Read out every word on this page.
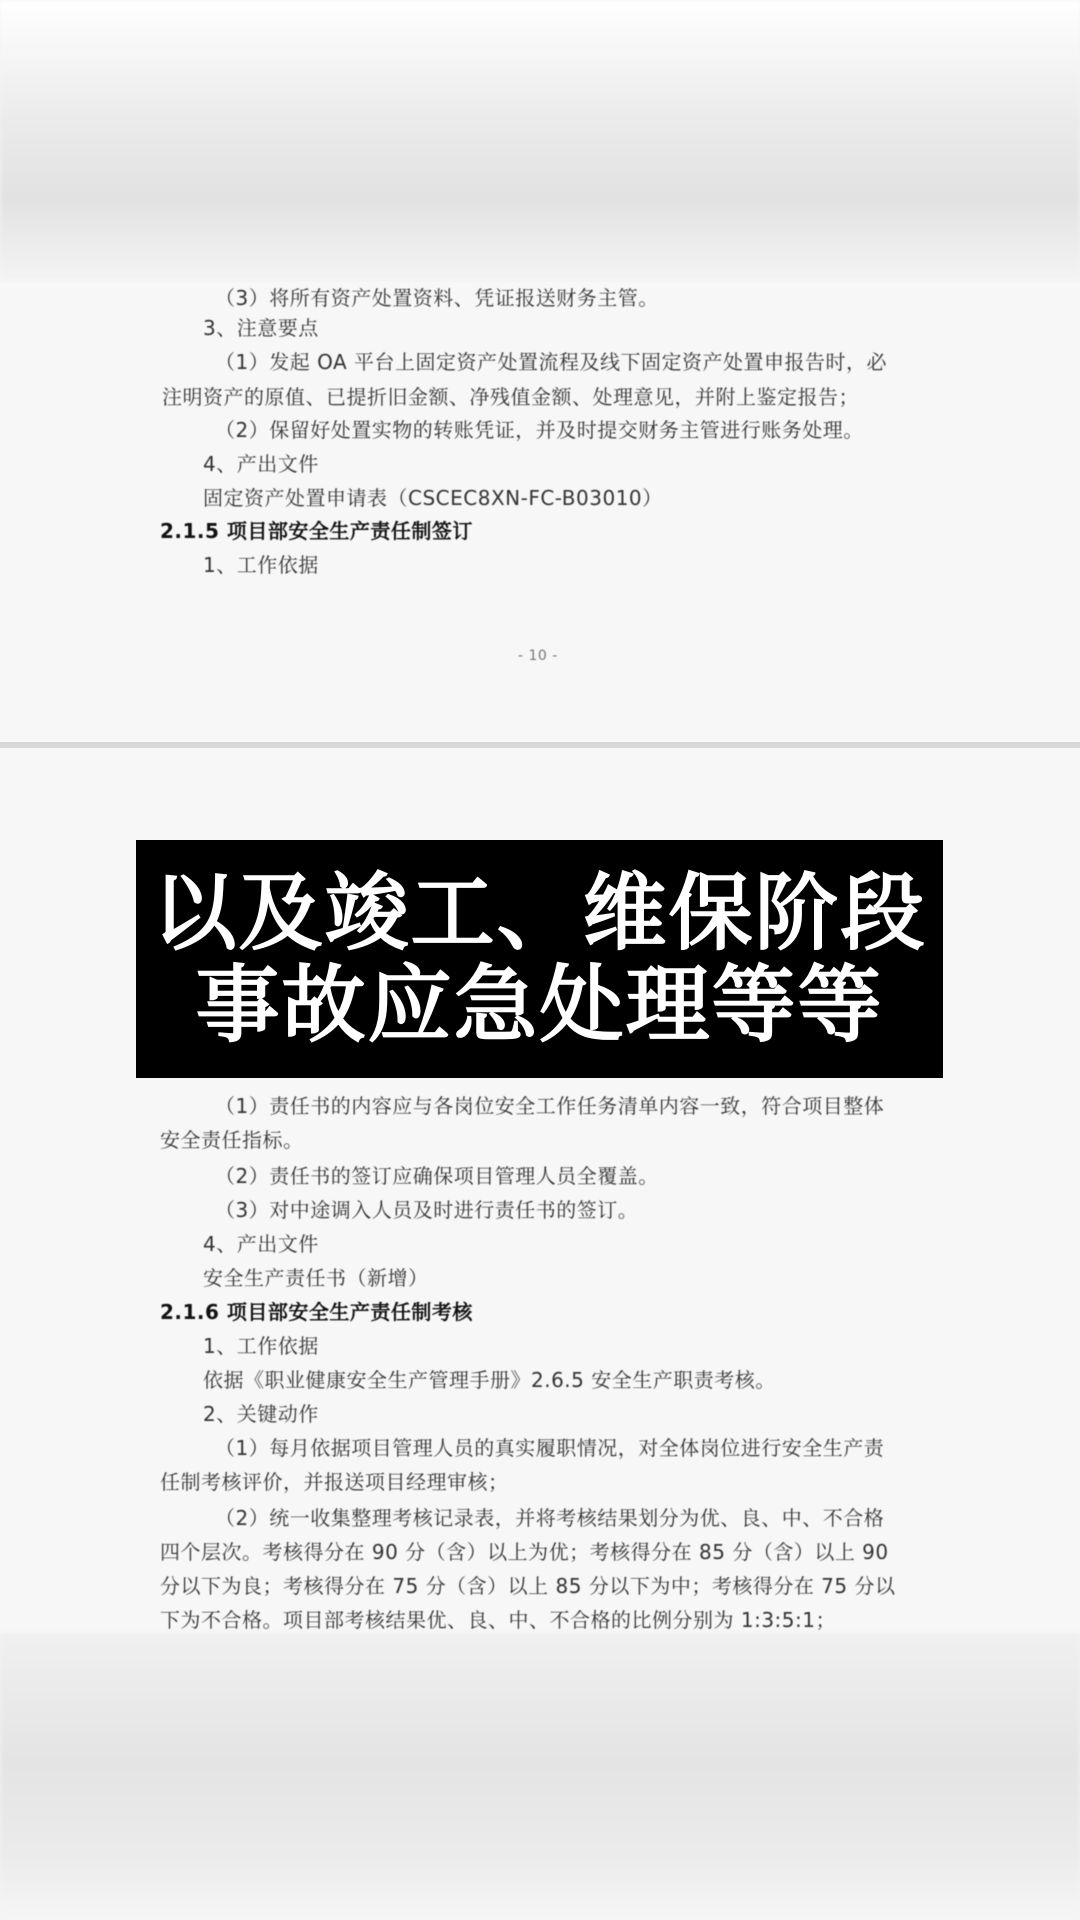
（3）将所有资产处置资料、凭证报送财务主管。
3、注意要点
（1）发起 OA 平台上固定资产处置流程及线下固定资产处置申报告时，必
注明资产的原值、已提折旧金额、净残值金额、处理意见，并附上鉴定报告；
（2）保留好处置实物的转账凭证，并及时提交财务主管进行账务处理。
4、产出文件
固定资产处置申请表（CSCEC8XN-FC-B03010）
2.1.5 项目部安全生产责任制签订
1、工作依据
- 10 -
（1）责任书的内容应与各岗位安全工作任务清单内容一致，符合项目整体
安全责任指标。
（2）责任书的签订应确保项目管理人员全覆盖。
（3）对中途调入人员及时进行责任书的签订。
4、产出文件
安全生产责任书（新增）
2.1.6 项目部安全生产责任制考核
1、工作依据
依据《职业健康安全生产管理手册》2.6.5 安全生产职责考核。
2、关键动作
（1）每月依据项目管理人员的真实履职情况，对全体岗位进行安全生产责
任制考核评价，并报送项目经理审核；
（2）统一收集整理考核记录表，并将考核结果划分为优、良、中、不合格
四个层次。考核得分在 90 分（含）以上为优；考核得分在 85 分（含）以上 90
分以下为良；考核得分在 75 分（含）以上 85 分以下为中；考核得分在 75 分以
下为不合格。项目部考核结果优、良、中、不合格的比例分别为 1:3:5:1；
以及竣工、维保阶段
事故应急处理等等
